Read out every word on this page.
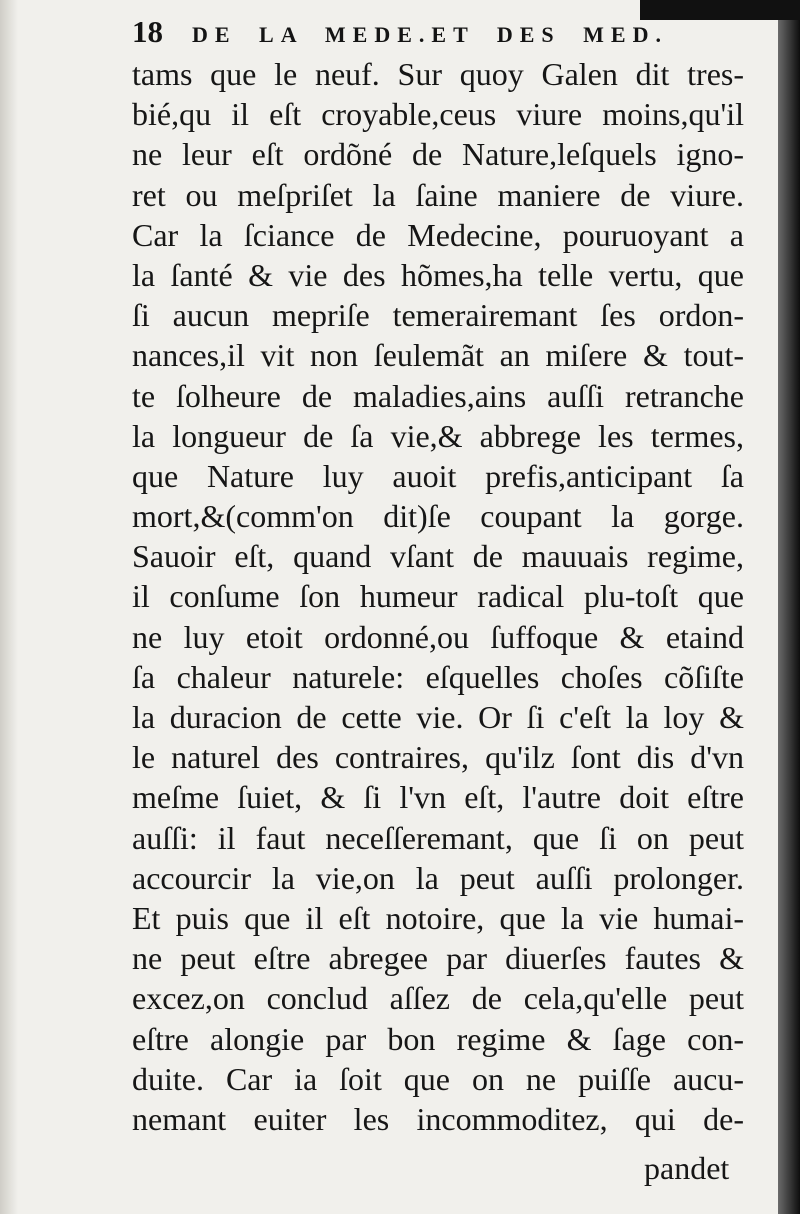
18	DE LA MEDE.ET DES MED.
tams que le neuf. Sur quoy Galen dit tres-
bié,qu il eſt croyable,ceus viure moins,qu'il
ne leur eſt ordõné de Nature,leſquels igno-
ret ou meſpriſet la ſaine maniere de viure.
Car la ſciance de Medecine, pouruoyant a
la ſanté & vie des hõmes,ha telle vertu, que
ſi aucun mepriſe temerairemant ſes ordon-
nances,il vit non ſeulemãt an miſere & tout-
te ſolheure de maladies,ains auſſi retranche
la longueur de ſa vie,& abbrege les termes,
que Nature luy auoit prefis,anticipant ſa
mort,&(comm'on dit)ſe coupant la gorge.
Sauoir eſt, quand vſant de mauuais regime,
il conſume ſon humeur radical plu-toſt que
ne luy etoit ordonné,ou ſuffoque & etaind
ſa chaleur naturele: eſquelles choſes cõſiſte
la duracion de cette vie. Or ſi c'eſt la loy &
le naturel des contraires, qu'ilz ſont dis d'vn
meſme ſuiet, & ſi l'vn eſt, l'autre doit eſtre
auſſi: il faut neceſſeremant, que ſi on peut
accourcir la vie,on la peut auſſi prolonger.
Et puis que il eſt notoire, que la vie humai-
ne peut eſtre abregee par diuerſes fautes &
excez,on conclud aſſez de cela,qu'elle peut
eſtre alongie par bon regime & ſage con-
duite. Car ia ſoit que on ne puiſſe aucu-
nemant euiter les incommoditez, qui de-
pandet
